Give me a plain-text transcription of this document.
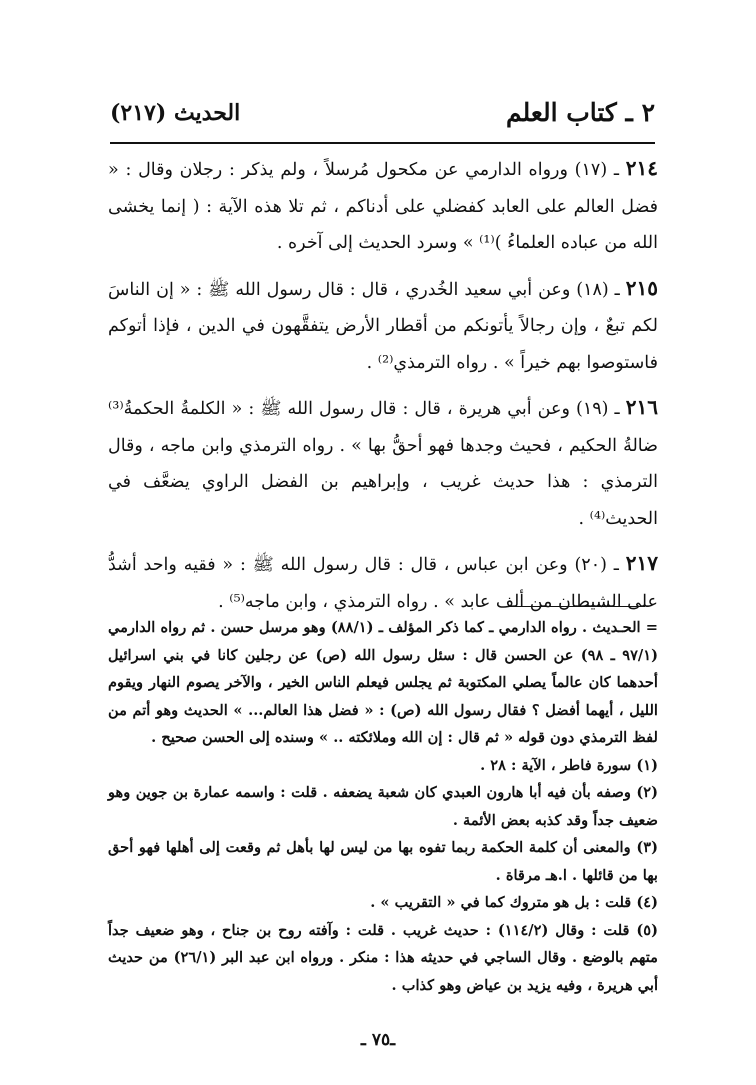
٢ ـ كتاب العلم
الحديث (٢١٧)

٢١٤ ـ (١٧) ورواه الدارمي عن مكحول مُرسلاً ، ولم يذكر : رجلان وقال : « فضل العالم على العابد كفضلي على أدناكم ، ثم تلا هذه الآية : ( إنما يخشى الله من عباده العلماءُ )⁽¹⁾ » وسرد الحديث إلى آخره .

٢١٥ ـ (١٨) وعن أبي سعيد الخُدري ، قال : قال رسول الله ﷺ : « إن الناسَ لكم تبعٌ ، وإن رجالاً يأتونكم من أقطار الأرض يتفقَّهون في الدين ، فإذا أتوكم فاستوصوا بهم خيراً » . رواه الترمذي⁽²⁾ .

٢١٦ ـ (١٩) وعن أبي هريرة ، قال : قال رسول الله ﷺ : « الكلمةُ الحكمةُ⁽³⁾ ضالةُ الحكيم ، فحيث وجدها فهو أحقُّ بها » . رواه الترمذي وابن ماجه ، وقال الترمذي : هذا حديث غريب ، وإبراهيم بن الفضل الراوي يضعَّف في الحديث⁽⁴⁾ .

٢١٧ ـ (٢٠) وعن ابن عباس ، قال : قال رسول الله ﷺ : « فقيه واحد أشدُّ على الشيطان من ألف عابد » . رواه الترمذي ، وابن ماجه⁽⁵⁾ .

= الحـديث . رواه الدارمي ـ كما ذكر المؤلف ـ (٨٨/١) وهو مرسل حسن . ثم رواه الدارمي (٩٧/١ ـ ٩٨) عن الحسن قال : سئل رسول الله (ص) عن رجلين كانا في بني اسرائيل أحدهما كان عالماً يصلي المكتوبة ثم يجلس فيعلم الناس الخير ، والآخر يصوم النهار ويقوم الليل ، أيهما أفضل ؟ فقال رسول الله (ص) : « فضل هذا العالم... » الحديث وهو أتم من لفظ الترمذي دون قوله « ثم قال : إن الله وملائكته .. » وسنده إلى الحسن صحيح .

(١) سورة فاطر ، الآية : ٢٨ .

(٢) وصفه بأن فيه أبا هارون العبدي كان شعبة يضعفه . قلت : واسمه عمارة بن جوين وهو ضعيف جداً وقد كذبه بعض الأئمة .

(٣) والمعنى أن كلمة الحكمة ربما تفوه بها من ليس لها بأهل ثم وقعت إلى أهلها فهو أحق بها من قائلها . ا.هـ مرقاة .

(٤) قلت : بل هو متروك كما في « التقريب » .

(٥) قلت : وقال (١١٤/٢) : حديث غريب . قلت : وآفته روح بن جناح ، وهو ضعيف جداً متهم بالوضع . وقال الساجي في حديثه هذا : منكر . ورواه ابن عبد البر (٢٦/١) من حديث أبي هريرة ، وفيه يزيد بن عياض وهو كذاب .

ـ٧٥ ـ
